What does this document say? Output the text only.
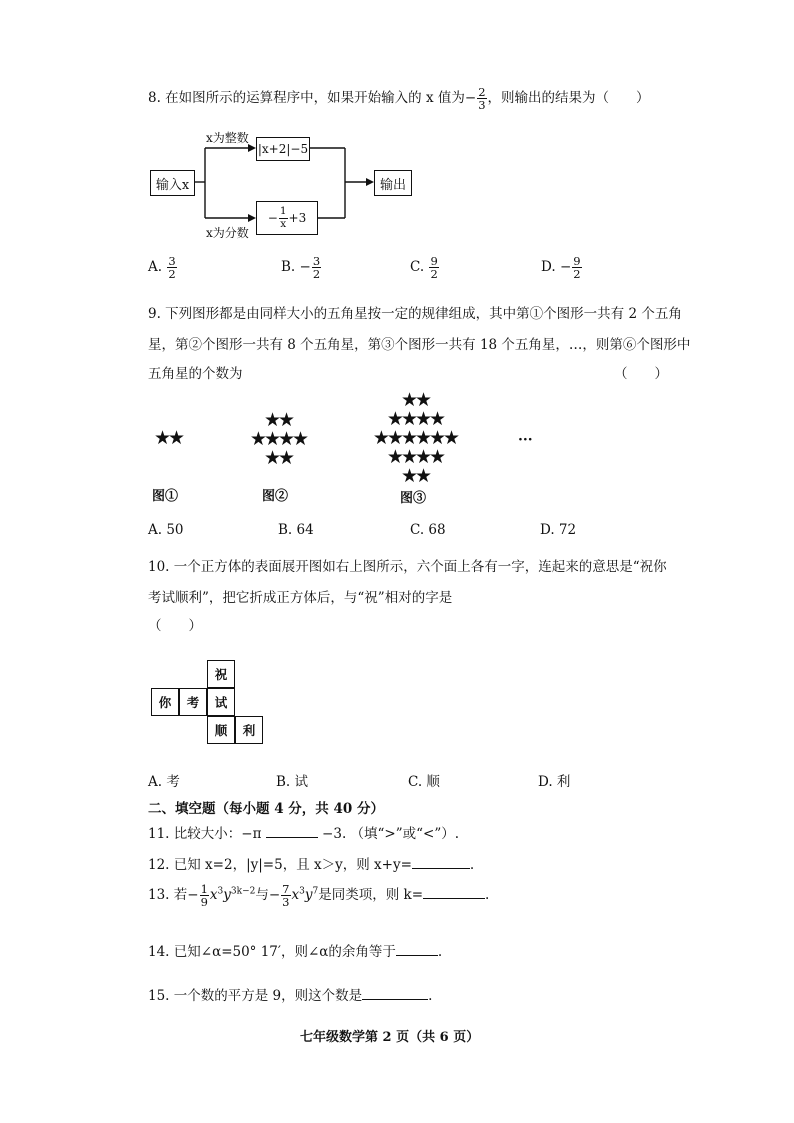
8. 在如图所示的运算程序中，如果开始输入的 x 值为− $\frac{2}{3}$ ，则输出的结果为（　　）
输入x
x为整数
x为分数
|x+2|−5
− $\frac{1}{x} +3$
输出
A. $\frac{3}{2}$	B. − $\frac{3}{2}$	C. $\frac{9}{2}$	D. − $\frac{9}{2}$
9. 下列图形都是由同样大小的五角星按一定的规律组成，其中第①个图形一共有 2 个五角
星，第②个图形一共有 8 个五角星，第③个图形一共有 18 个五角星，…，则第⑥个图形中
五角星的个数为	（　　）
★★
★★
★★★★
★★
★★
★★★★
★★★★★★
★★★★
★★
···
图①	图②	图③
A. 50	B. 64	C. 68	D. 72
10. 一个正方体的表面展开图如右上图所示，六个面上各有一字，连起来的意思是“祝你
考试顺利”，把它折成正方体后，与“祝”相对的字是
（　　）
祝
你	考	试
顺	利
A. 考	B. 试	C. 顺	D. 利
二、填空题（每小题 4 分，共 40 分）
11. 比较大小：−π	−3. （填“>”或“<”）.
12. 已知 x=2，|y|=5，且 x＞y，则 x+y=	.
13. 若− $\frac{1}{9} x^3y^{3k-2}$与− $\frac{7}{3} x^3y^7$是同类项，则 k=	.
14. 已知∠α=50° 17′，则∠α的余角等于	.
15. 一个数的平方是 9，则这个数是	.
七年级数学第 2 页（共 6 页）
